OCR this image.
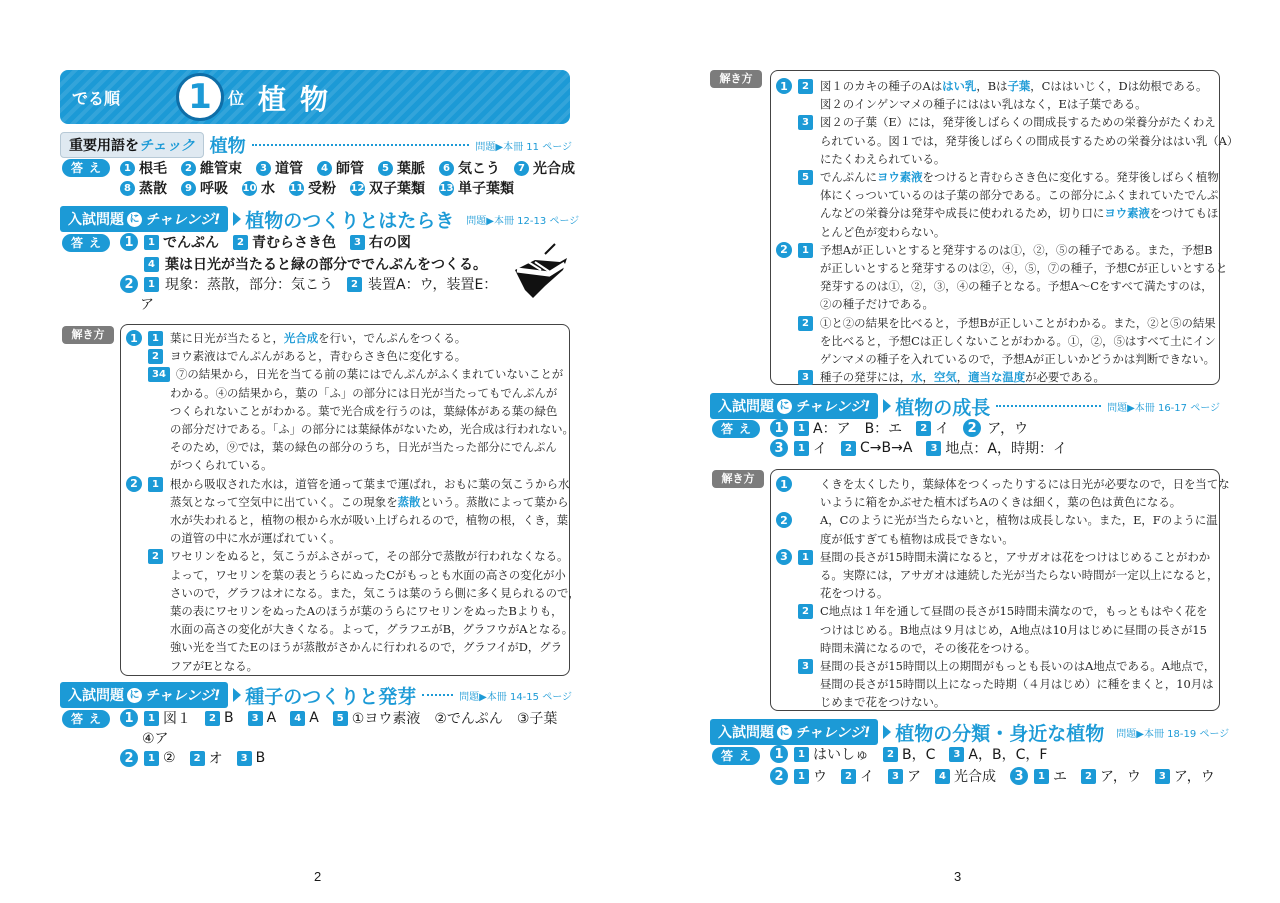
でる順	1	位 植物
重要用語をチェック 植物	問題▶本冊 11 ページ
答え	1 根毛	2 維管束	3 道管	4 師管	5 葉脈	6 気こう	7 光合成
8 蒸散	9 呼吸 10 水 11 受粉 12 双子葉類 13 単子葉類
入試問題 に チャレンジ! 植物のつくりとはたらき 問題▶本冊 12-13 ページ
答え	1	1 でんぷん	2 青むらさき色	3 右の図
4 葉は日光が当たると緑の部分ででんぷんをつくる。
2	1 現象：蒸散，部分：気こう	2 装置A：ウ，装置E：
ア
解き方
入試問題 に チャレンジ! 種子のつくりと発芽	問題▶本冊 14-15 ページ
答え	1	1 図１	2 B	3 A	4 A	5 ①ヨウ素液　②でんぷん　③子葉
④ア
2	1 ②	2 オ	3 B
2
1	1 葉に日光が当たると，光合成を行い，でんぷんをつくる。
2 ヨウ素液はでんぷんがあると，青むらさき色に変化する。
34 ⑦の結果から，日光を当てる前の葉にはでんぷんがふくまれていないことが
わかる。④の結果から，葉の「ふ」の部分には日光が当たってもでんぷんが
つくられないことがわかる。葉で光合成を行うのは，葉緑体がある葉の緑色
の部分だけである。「ふ」の部分には葉緑体がないため，光合成は行われない。
そのため，⑨では，葉の緑色の部分のうち，日光が当たった部分にでんぷん
がつくられている。
2	1 根から吸収された水は，道管を通って葉まで運ばれ，おもに葉の気こうから水
蒸気となって空気中に出ていく。この現象を蒸散という。蒸散によって葉から
水が失われると，植物の根から水が吸い上げられるので，植物の根，くき，葉
の道管の中に水が運ばれていく。
2 ワセリンをぬると，気こうがふさがって，その部分で蒸散が行われなくなる。
よって，ワセリンを葉の表とうらにぬったCがもっとも水面の高さの変化が小
さいので，グラフはオになる。また，気こうは葉のうら側に多く見られるので，
葉の表にワセリンをぬったAのほうが葉のうらにワセリンをぬったBよりも，
水面の高さの変化が大きくなる。よって，グラフエがB，グラフウがAとなる。
強い光を当てたEのほうが蒸散がさかんに行われるので，グラフイがD，グラ
フアがEとなる。
解き方
入試問題 に チャレンジ! 植物の成長	問題▶本冊 16-17 ページ
答え	1	1 A：ア　B：エ	2 イ	2 ア，ウ
3	1 イ	2 C→B→A	3 地点：A，時期：イ
解き方
入試問題 に チャレンジ! 植物の分類・身近な植物 問題▶本冊 18-19 ページ
答え	1	1 はいしゅ	2 B，C	3 A，B，C，F
2	1 ウ	2 イ	3 ア	4 光合成	3	1 エ	2 ア，ウ	3 ア，ウ
3
1	2 図１のカキの種子のAははい乳，Bは子葉，Cははいじく，Dは幼根である。
図２のインゲンマメの種子にははい乳はなく，Eは子葉である。
3 図２の子葉（E）には，発芽後しばらくの間成長するための栄養分がたくわえ
られている。図１では，発芽後しばらくの間成長するための栄養分ははい乳（A）
にたくわえられている。
5 でんぷんにヨウ素液をつけると青むらさき色に変化する。発芽後しばらく植物
体にくっついているのは子葉の部分である。この部分にふくまれていたでんぷ
んなどの栄養分は発芽や成長に使われるため，切り口にヨウ素液をつけてもほ
とんど色が変わらない。
2	1 予想Aが正しいとすると発芽するのは①，②，⑤の種子である。また，予想B
が正しいとすると発芽するのは②，④，⑤，⑦の種子，予想Cが正しいとすると
発芽するのは①，②，③，④の種子となる。予想A～Cをすべて満たすのは，
②の種子だけである。
2 ①と②の結果を比べると，予想Bが正しいことがわかる。また，②と⑤の結果
を比べると，予想Cは正しくないことがわかる。①，②，⑤はすべて土にイン
ゲンマメの種子を入れているので，予想Aが正しいかどうかは判断できない。
3 種子の発芽には，水，空気，適当な温度が必要である。
1	くきを太くしたり，葉緑体をつくったりするには日光が必要なので，日を当てな
いように箱をかぶせた植木ばちAのくきは細く，葉の色は黄色になる。
2	A，Cのように光が当たらないと，植物は成長しない。また，E，Fのように温
度が低すぎても植物は成長できない。
3	1 昼間の長さが15時間未満になると，アサガオは花をつけはじめることがわか
る。実際には，アサガオは連続した光が当たらない時間が一定以上になると，
花をつける。
2 C地点は１年を通して昼間の長さが15時間未満なので，もっともはやく花を
つけはじめる。B地点は９月はじめ，A地点は10月はじめに昼間の長さが15
時間未満になるので，その後花をつける。
3 昼間の長さが15時間以上の期間がもっとも長いのはA地点である。A地点で，
昼間の長さが15時間以上になった時期（４月はじめ）に種をまくと，10月は
じめまで花をつけない。
